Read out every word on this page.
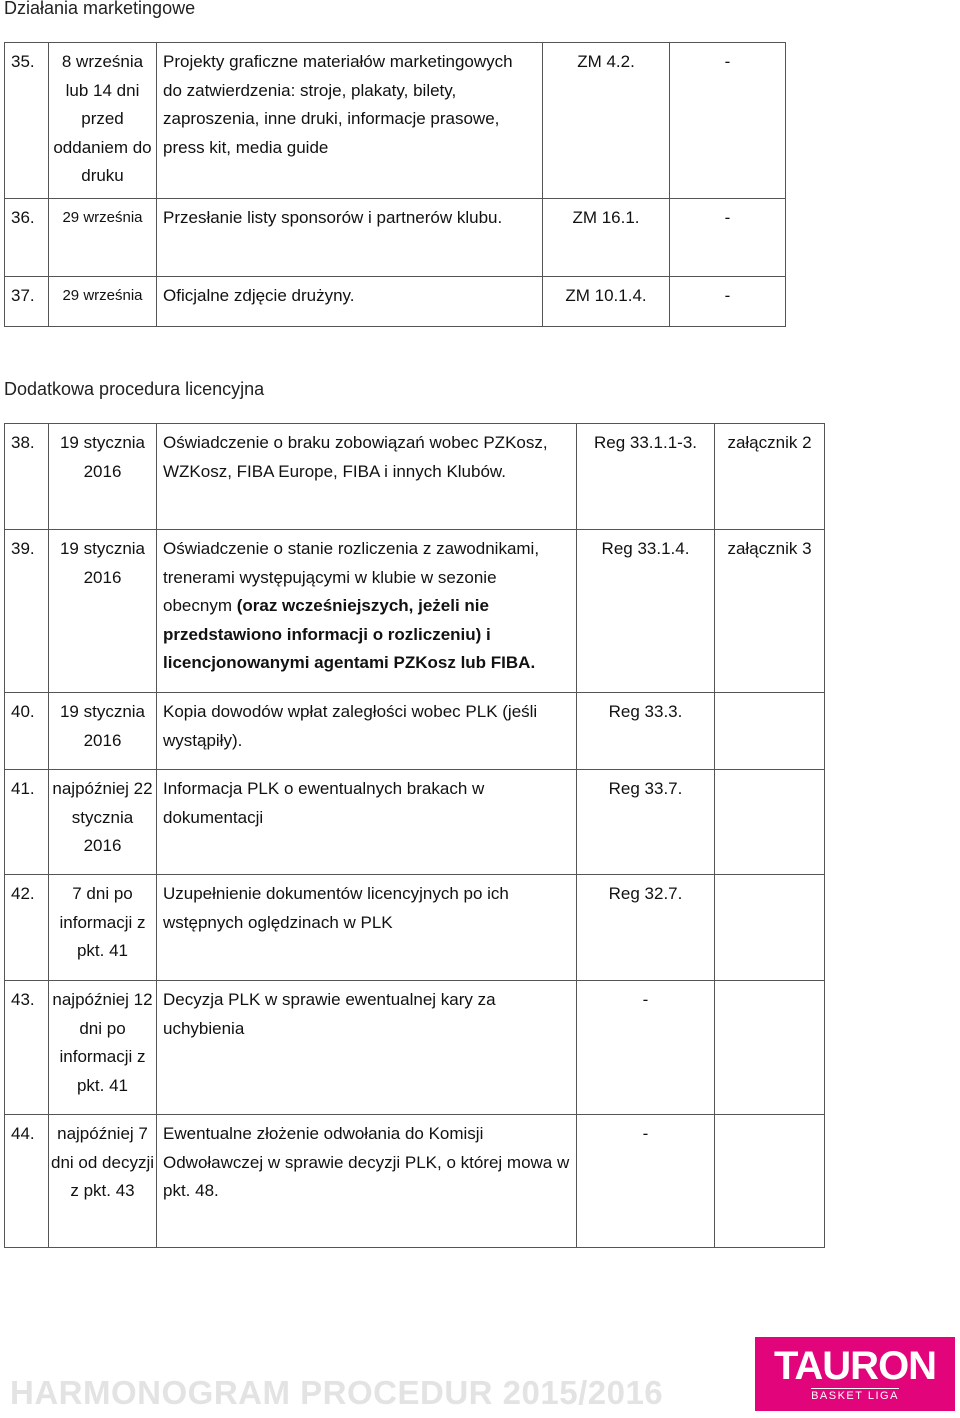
Działania marketingowe
35.	8 września lub 14 dni przed oddaniem do druku	Projekty graficzne materiałów marketingowych do zatwierdzenia: stroje, plakaty, bilety, zaproszenia, inne druki, informacje prasowe, press kit, media guide	ZM 4.2.	-
36.	29 września	Przesłanie listy sponsorów i partnerów klubu.	ZM 16.1.	-
37.	29 września	Oficjalne zdjęcie drużyny.	ZM 10.1.4.	-
Dodatkowa procedura licencyjna
38.	19 stycznia 2016	Oświadczenie o braku zobowiązań wobec PZKosz, WZKosz, FIBA Europe, FIBA i innych Klubów.	Reg 33.1.1-3.	załącznik 2
39.	19 stycznia 2016	Oświadczenie o stanie rozliczenia z zawodnikami, trenerami występującymi w klubie w sezonie obecnym (oraz wcześniejszych, jeżeli nie przedstawiono informacji o rozliczeniu) i licencjonowanymi agentami PZKosz lub FIBA.	Reg 33.1.4.	załącznik 3
40.	19 stycznia 2016	Kopia dowodów wpłat zaległości wobec PLK (jeśli wystąpiły).	Reg 33.3.	
41.	najpóźniej 22 stycznia 2016	Informacja PLK o ewentualnych brakach w dokumentacji	Reg 33.7.	
42.	7 dni po informacji z pkt. 41	Uzupełnienie dokumentów licencyjnych po ich wstępnych oględzinach w PLK	Reg 32.7.	
43.	najpóźniej 12 dni po informacji z pkt. 41	Decyzja PLK w sprawie ewentualnej kary za uchybienia	-	
44.	najpóźniej 7 dni od decyzji z pkt. 43	Ewentualne złożenie odwołania do Komisji Odwoławczej w sprawie decyzji PLK, o której mowa w pkt. 48.	-	

HARMONOGRAM PROCEDUR 2015/2016

TAURON
BASKET LIGA
